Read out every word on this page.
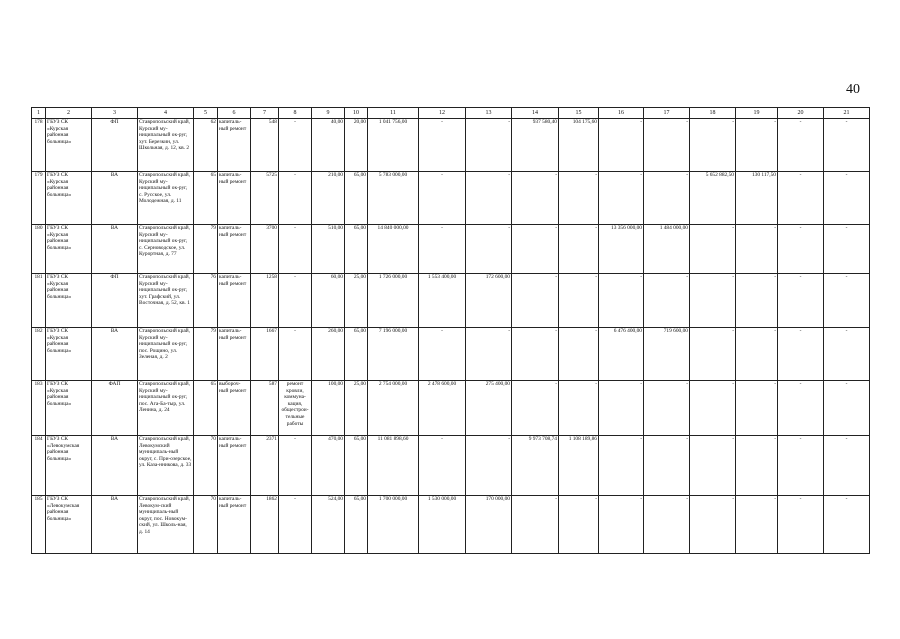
40
1	2	3	4	5	6	7	8	9	10	11	12	13	14	15	16	17	18	19	20	21
178	ГБУЗ СК «Курская районная больница»	ФП	Ставропольский край, Курский му-ниципальный ок-руг, хут. Березкин, ул. Школьная, д. 12, кв. 2	62	капиталь-ный ремонт	548	-	40,00	20,00	1 041 756,00	-	-	937 580,40	104 175,60	-	-	-	-	-	-
179	ГБУЗ СК «Курская районная больница»	ВА	Ставропольский край, Курский му-ниципальный ок-руг, с. Русское, ул. Молодежная, д. 11	65	капиталь-ный ремонт	5725	-	210,00	65,00	5 783 000,00	-	-	-	-	-	-	5 652 882,50	130 117,50	-	-
180	ГБУЗ СК «Курская районная больница»	ВА	Ставропольский край, Курский му-ниципальный ок-руг, с. Серноводское, ул. Курортная, д. 77	79	капиталь-ный ремонт	3700	-	510,00	65,00	14 840 000,00	-	-	-	-	13 356 000,00	1 484 000,00	-	-	-	-
181	ГБУЗ СК «Курская районная больница»	ФП	Ставропольский край, Курский му-ниципальный ок-руг, хут. Графский, ул. Восточная, д. 52, кв. 1	76	капиталь-ный ремонт	1258	-	60,00	25,00	1 726 000,00	1 553 400,00	172 600,00	-	-	-	-	-	-	-	-
182	ГБУЗ СК «Курская районная больница»	ВА	Ставропольский край, Курский му-ниципальный ок-руг, пос. Рощино, ул. Зеленая, д. 2	79	капиталь-ный ремонт	1667	-	260,00	65,00	7 196 000,00	-	-	-	-	6 476 400,00	719 600,00	-	-	-	-
183	ГБУЗ СК «Курская районная больница»	ФАП	Ставропольский край, Курский му-ниципальный ок-руг, пос. Ага-Ба-тыр, ул. Ленина, д. 24	65	выбороч-ный ремонт	587	ремонт кровли, коммуна-кация, общестрои-тельные работы	100,00	25,00	2 754 000,00	2 478 600,00	275 400,00	-	-	-	-	-	-	-	-
184	ГБУЗ СК «Левокумская районная больница»	ВА	Ставропольский край, Левокумский муниципаль-ный округ, с. При-озерское, ул. Каза-нникова, д. 33	70	капиталь-ный ремонт	2371	-	470,00	65,00	11 081 898,60	-	-	9 973 708,74	1 108 189,86	-	-	-	-	-	-
185	ГБУЗ СК «Левокумская районная больница»	ВА	Ставропольский край, Левокум-ский муниципаль-ный округ, пос. Новокум-ский, ул. Школь-ная, д. 14	70	капиталь-ный ремонт	1862	-	524,00	65,00	1 700 000,00	1 530 000,00	170 000,00	-	-	-	-	-	-	-	-
